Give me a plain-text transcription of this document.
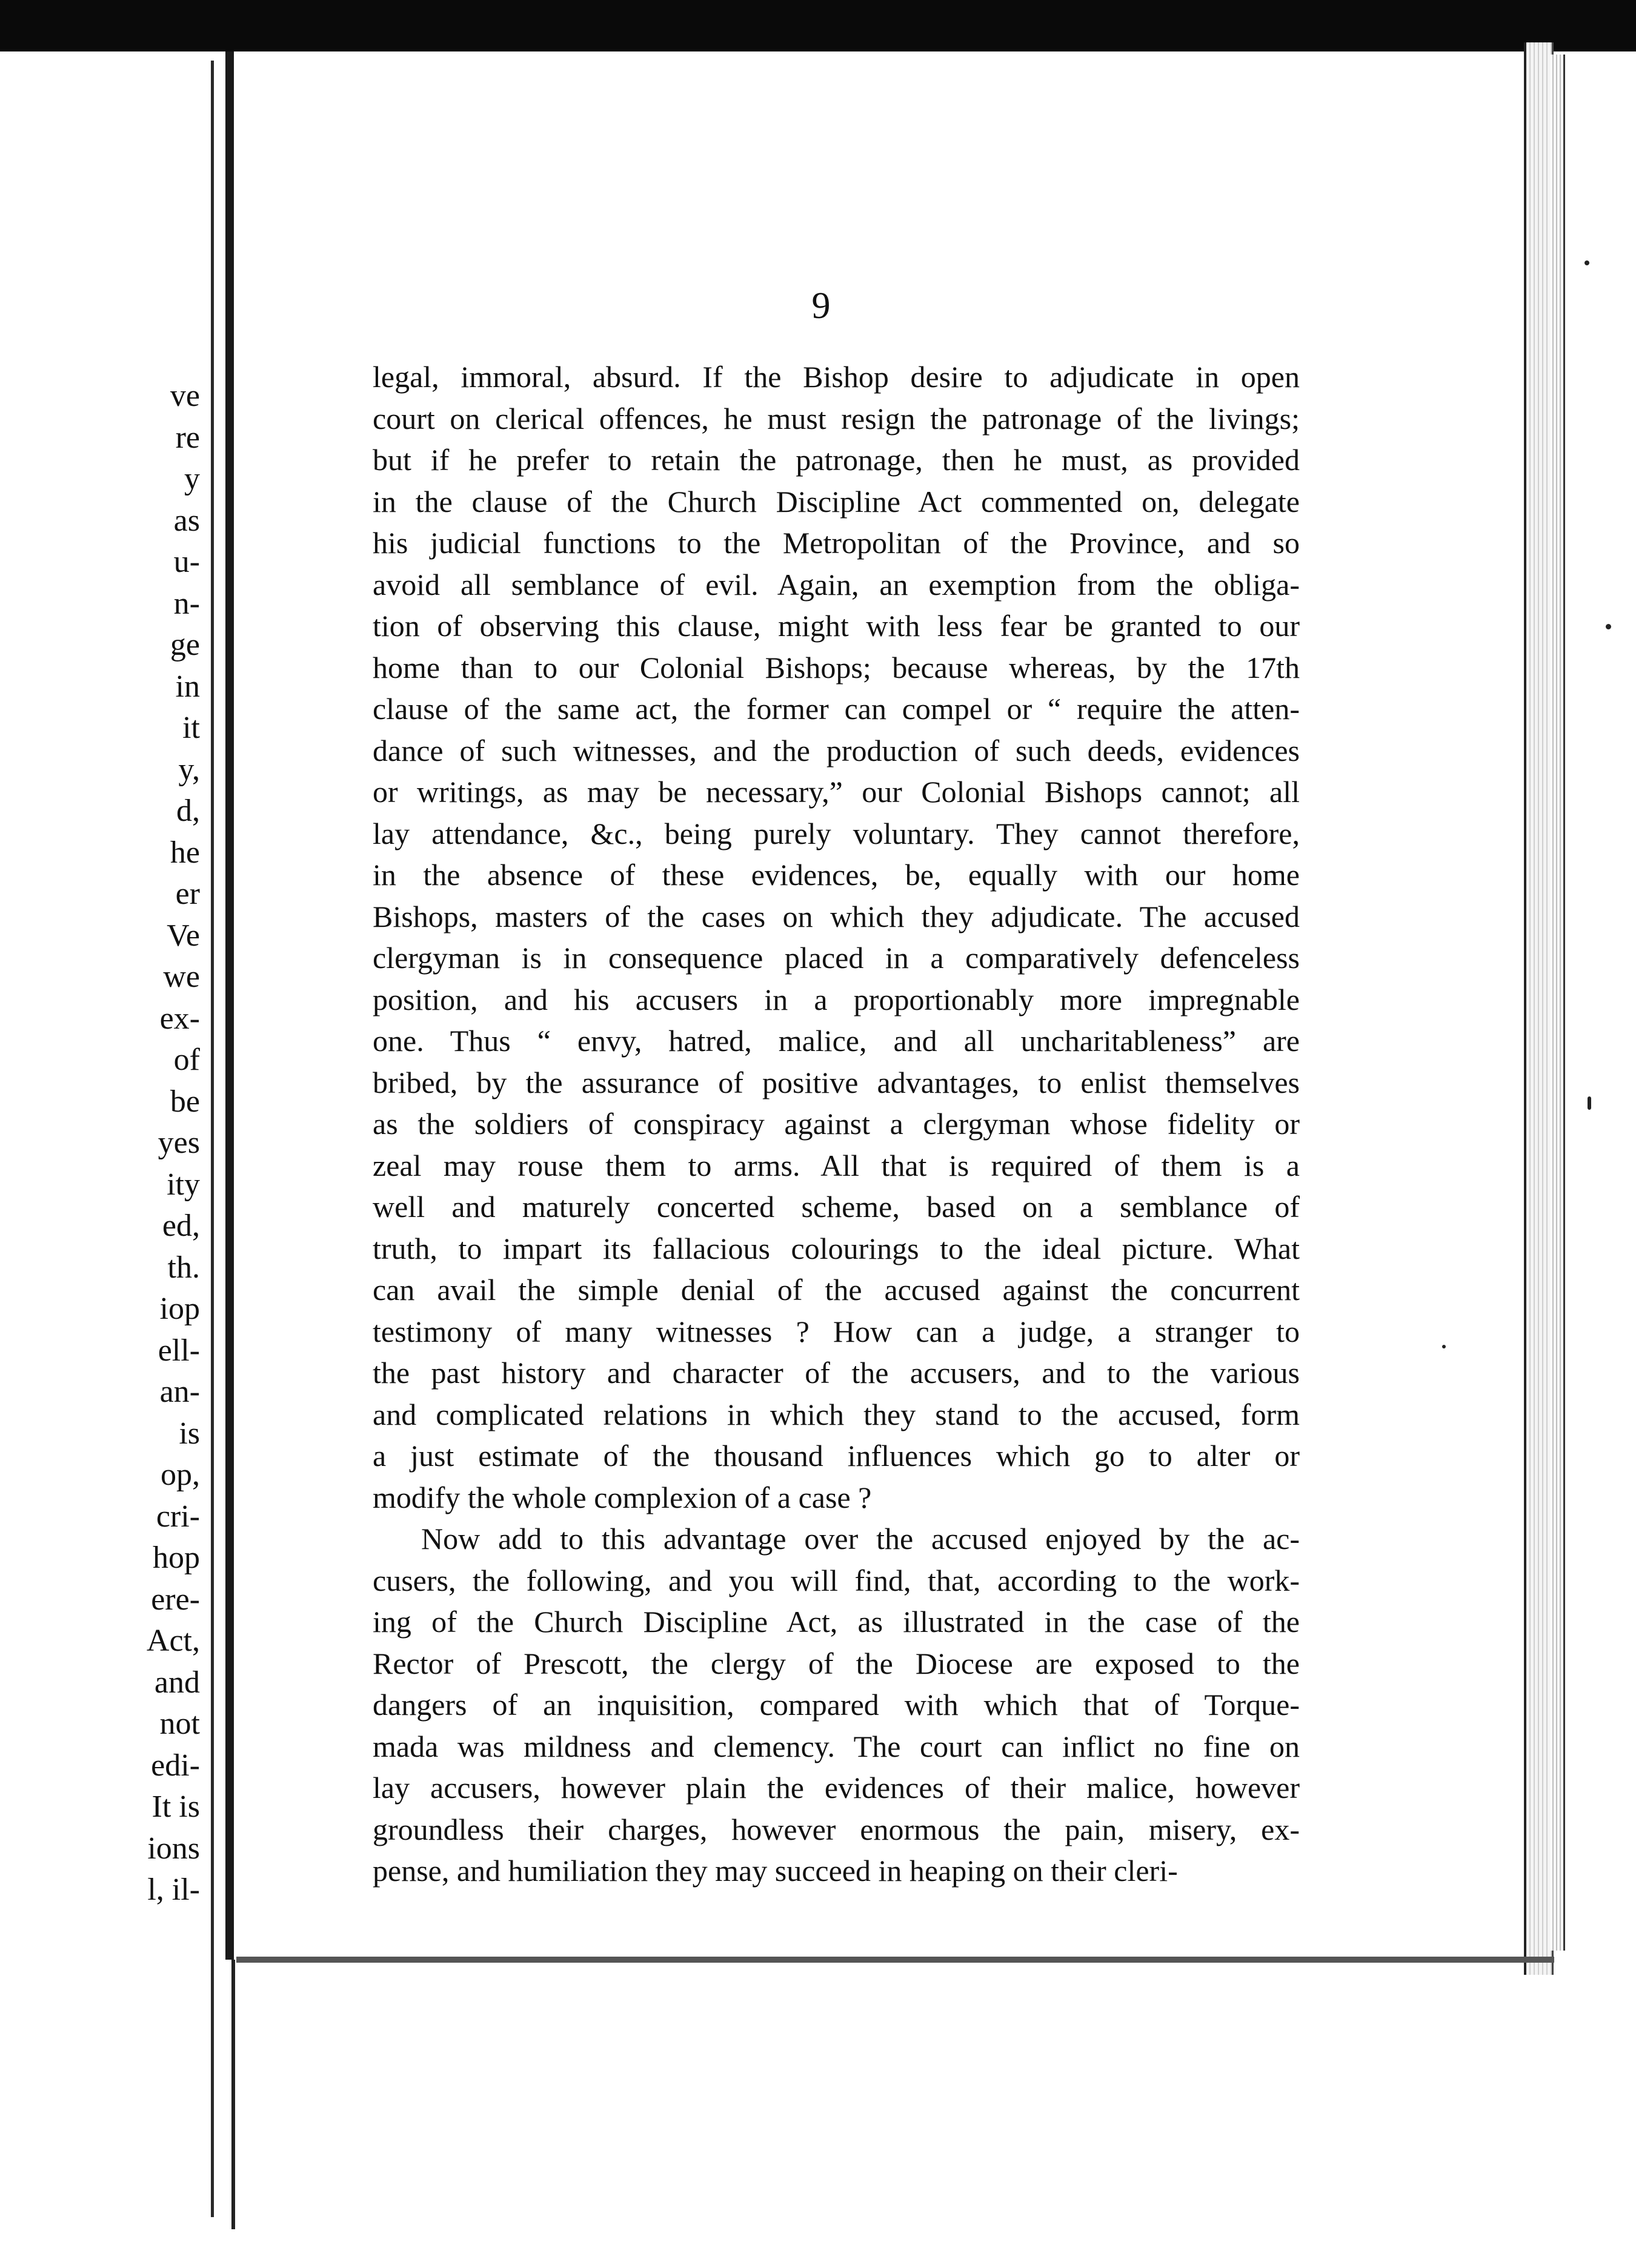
ve
re
y
as
u-
n-
ge
in
it
y,
d,
he
er
Ve
we
ex-
of
be
yes
ity
ed,
th.
iop
ell-
an-
is
op,
cri-
hop
ere-
Act,
and
not
edi-
It is
ions
l, il-
9
legal, immoral, absurd. If the Bishop desire to adjudicate in open
court on clerical offences, he must resign the patronage of the livings;
but if he prefer to retain the patronage, then he must, as provided
in the clause of the Church Discipline Act commented on, delegate
his judicial functions to the Metropolitan of the Province, and so
avoid all semblance of evil. Again, an exemption from the obliga-
tion of observing this clause, might with less fear be granted to our
home than to our Colonial Bishops; because whereas, by the 17th
clause of the same act, the former can compel or “ require the atten-
dance of such witnesses, and the production of such deeds, evidences
or writings, as may be necessary,” our Colonial Bishops cannot; all
lay attendance, &c., being purely voluntary. They cannot therefore,
in the absence of these evidences, be, equally with our home
Bishops, masters of the cases on which they adjudicate. The accused
clergyman is in consequence placed in a comparatively defenceless
position, and his accusers in a proportionably more impregnable
one. Thus “ envy, hatred, malice, and all uncharitableness” are
bribed, by the assurance of positive advantages, to enlist themselves
as the soldiers of conspiracy against a clergyman whose fidelity or
zeal may rouse them to arms. All that is required of them is a
well and maturely concerted scheme, based on a semblance of
truth, to impart its fallacious colourings to the ideal picture. What
can avail the simple denial of the accused against the concurrent
testimony of many witnesses ? How can a judge, a stranger to
the past history and character of the accusers, and to the various
and complicated relations in which they stand to the accused, form
a just estimate of the thousand influences which go to alter or
modify the whole complexion of a case ?
Now add to this advantage over the accused enjoyed by the ac-
cusers, the following, and you will find, that, according to the work-
ing of the Church Discipline Act, as illustrated in the case of the
Rector of Prescott, the clergy of the Diocese are exposed to the
dangers of an inquisition, compared with which that of Torque-
mada was mildness and clemency. The court can inflict no fine on
lay accusers, however plain the evidences of their malice, however
groundless their charges, however enormous the pain, misery, ex-
pense, and humiliation they may succeed in heaping on their cleri-
